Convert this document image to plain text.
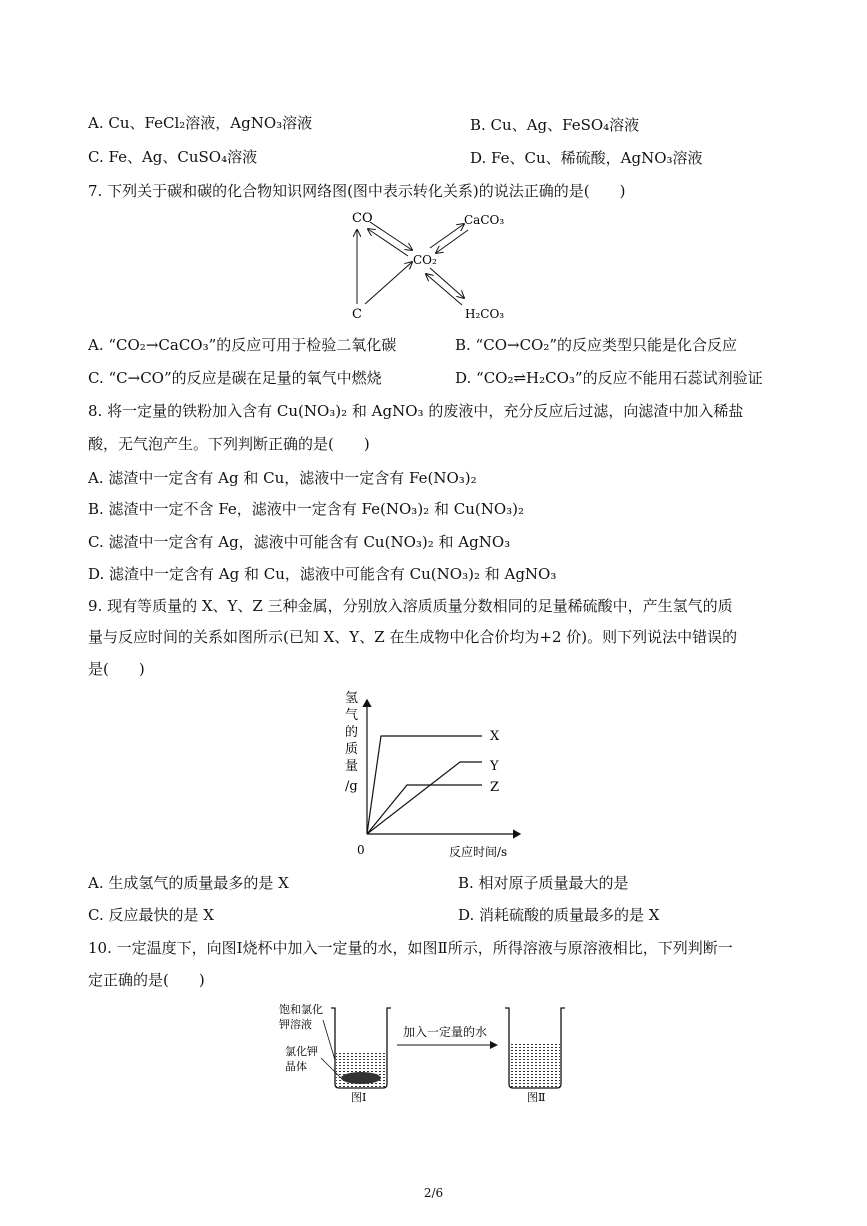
A. Cu、FeCl₂溶液，AgNO₃溶液	B. Cu、Ag、FeSO₄溶液
C. Fe、Ag、CuSO₄溶液	D. Fe、Cu、稀硫酸，AgNO₃溶液
7. 下列关于碳和碳的化合物知识网络图(图中表示转化关系)的说法正确的是(　　)
CO	CaCO₃
CO₂
C	H₂CO₃
A. “CO₂→CaCO₃”的反应可用于检验二氧化碳	B. “CO→CO₂”的反应类型只能是化合反应
C. “C→CO”的反应是碳在足量的氧气中燃烧	D. “CO₂⇌H₂CO₃”的反应不能用石蕊试剂验证
8. 将一定量的铁粉加入含有 Cu(NO₃)₂ 和 AgNO₃ 的废液中，充分反应后过滤，向滤渣中加入稀盐
酸，无气泡产生。下列判断正确的是(　　)
A. 滤渣中一定含有 Ag 和 Cu，滤液中一定含有 Fe(NO₃)₂
B. 滤渣中一定不含 Fe，滤液中一定含有 Fe(NO₃)₂ 和 Cu(NO₃)₂
C. 滤渣中一定含有 Ag，滤液中可能含有 Cu(NO₃)₂ 和 AgNO₃
D. 滤渣中一定含有 Ag 和 Cu，滤液中可能含有 Cu(NO₃)₂ 和 AgNO₃
9. 现有等质量的 X、Y、Z 三种金属，分别放入溶质质量分数相同的足量稀硫酸中，产生氢气的质
量与反应时间的关系如图所示(已知 X、Y、Z 在生成物中化合价均为+2 价)。则下列说法中错误的
是(　　)
氢
气
的
质
量
/g
0	反应时间/s
X
Y
Z
A. 生成氢气的质量最多的是 X	B. 相对原子质量最大的是
C. 反应最快的是 X	D. 消耗硫酸的质量最多的是 X
10. 一定温度下，向图Ⅰ烧杯中加入一定量的水，如图Ⅱ所示，所得溶液与原溶液相比，下列判断一
定正确的是(　　)
饱和氯化
钾溶液
氯化钾
晶体
图Ⅰ
加入一定量的水
图Ⅱ
2/6
